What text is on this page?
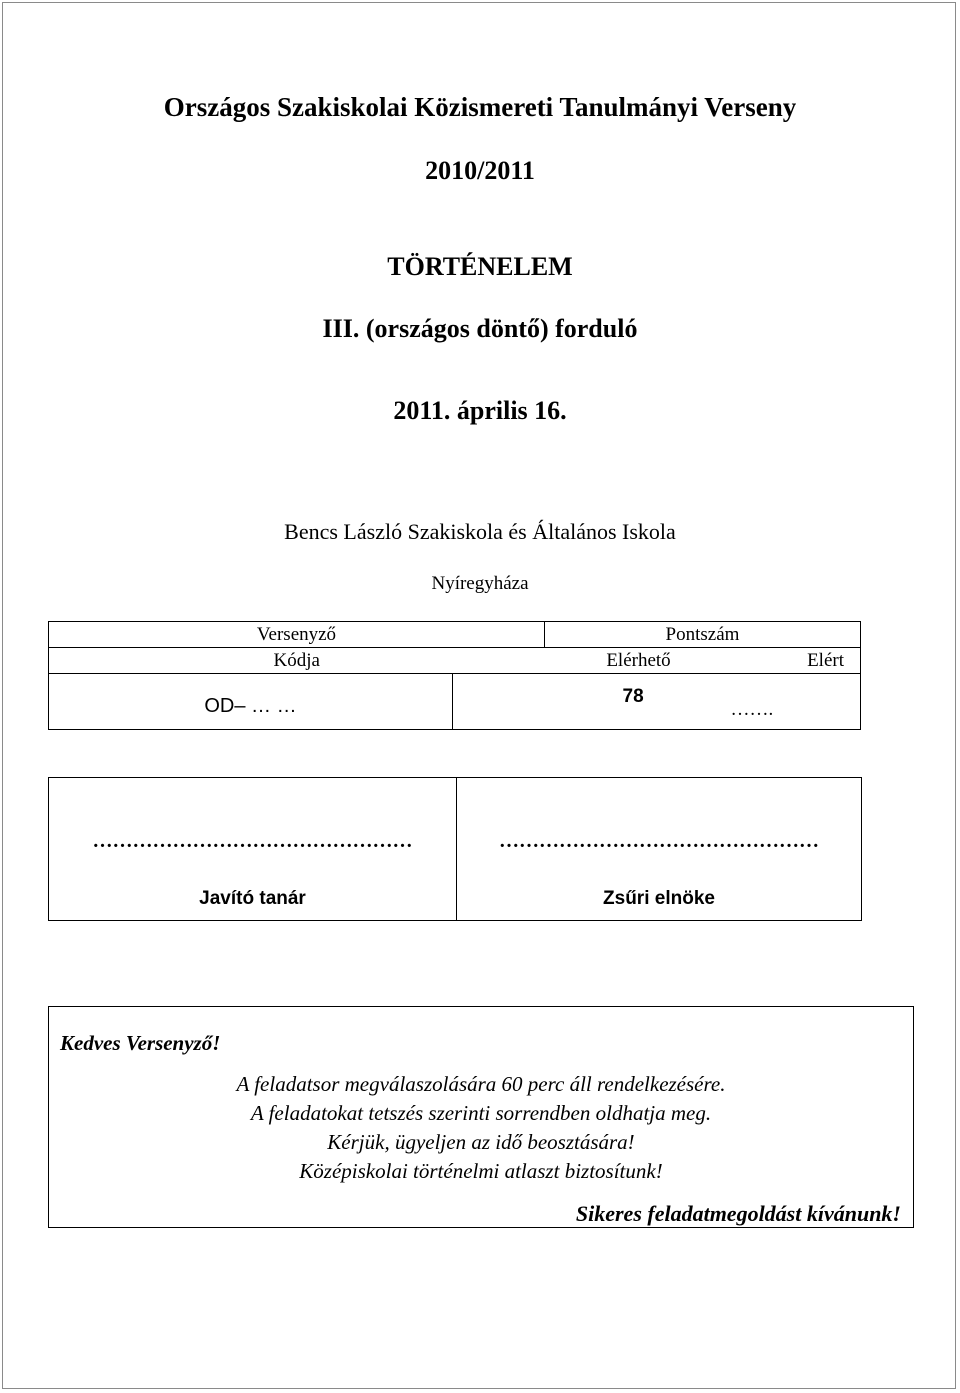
Országos Szakiskolai Közismereti Tanulmányi Verseny
2010/2011
TÖRTÉNELEM
III. (országos döntő) forduló
2011. április 16.
Bencs László Szakiskola és Általános Iskola
Nyíregyháza
Versenyző		Pontszám	
Kódja		Elérhető	Elért
OD– … …		78	…….
…………………………………………
Javító tanár

…………………………………………
Zsűri elnöke
Kedves Versenyző!
A feladatsor megválaszolására 60 perc áll rendelkezésére.
A feladatokat tetszés szerinti sorrendben oldhatja meg.
Kérjük, ügyeljen az idő beosztására!
Középiskolai történelmi atlaszt biztosítunk!
Sikeres feladatmegoldást kívánunk!
